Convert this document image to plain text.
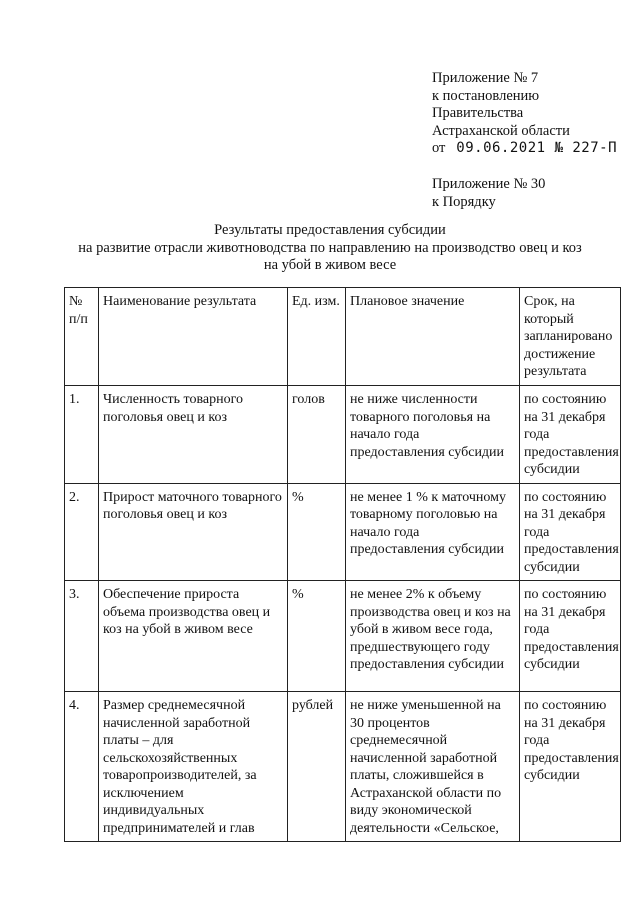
Приложение № 7
к постановлению
Правительства
Астраханской области
от 09.06.2021 № 227-П
Приложение № 30
к Порядку
Результаты предоставления субсидии
на развитие отрасли животноводства по направлению на производство овец и коз
на убой в живом весе
№ п/п	Наименование результата	Ед. изм.	Плановое значение	Срок, на который запланировано достижение результата
1.	Численность товарного поголовья овец и коз	голов	не ниже численности товарного поголовья на начало года предоставления субсидии	по состоянию на 31 декабря года предоставления субсидии
2.	Прирост маточного товарного поголовья овец и коз	%	не менее 1 % к маточному товарному поголовью на начало года предоставления субсидии	по состоянию на 31 декабря года предоставления субсидии
3.	Обеспечение прироста объема производства овец и коз на убой в живом весе	%	не менее 2% к объему производства овец и коз на убой в живом весе года, предшествующего году предоставления субсидии	по состоянию на 31 декабря года предоставления субсидии
4.	Размер среднемесячной начисленной заработной платы – для сельскохозяйственных товаропроизводителей, за исключением индивидуальных предпринимателей и глав	рублей	не ниже уменьшенной на 30 процентов среднемесячной начисленной заработной платы, сложившейся в Астраханской области по виду экономической деятельности «Сельское,	по состоянию на 31 декабря года предоставления субсидии
